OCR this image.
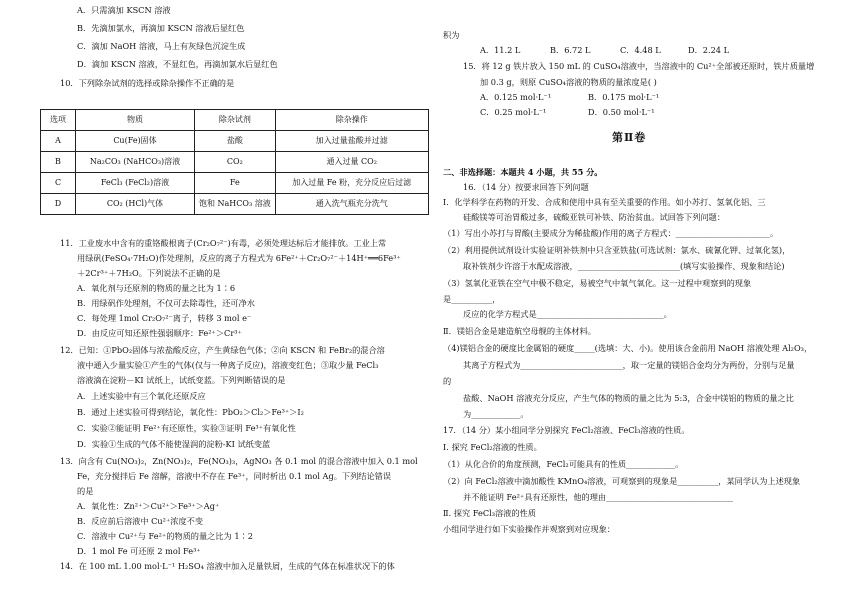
A．只需滴加 KSCN 溶液
B．先滴加氯水，再滴加 KSCN 溶液后显红色
C．滴加 NaOH 溶液，马上有灰绿色沉淀生成
D．滴加 KSCN 溶液，不显红色，再滴加氯水后显红色
10．下列除杂试剂的选择或除杂操作不正确的是
11．工业废水中含有的重铬酸根离子(Cr₂O₇²⁻)有毒，必须处理达标后才能排放。工业上常
用绿矾(FeSO₄·7H₂O)作处理剂，反应的离子方程式为 6Fe²⁺＋Cr₂O₇²⁻＋14H⁺══6Fe³⁺
＋2Cr³⁺＋7H₂O。下列说法不正确的是
A．氧化剂与还原剂的物质的量之比为 1∶6
B．用绿矾作处理剂，不仅可去除毒性，还可净水
C．每处理 1mol Cr₂O₇²⁻离子，转移 3 mol e⁻
D．由反应可知还原性强弱顺序：Fe²⁺＞Cr³⁺
12．已知：①PbO₂固体与浓盐酸反应，产生黄绿色气体；②向 KSCN 和 FeBr₂的混合溶
液中通入少量实验①产生的气体(仅与一种离子反应)，溶液变红色；③取少量 FeCl₃
溶液滴在淀粉－KI 试纸上，试纸变蓝。下列判断错误的是
A．上述实验中有三个氧化还原反应
B．通过上述实验可得到结论，氧化性：PbO₂＞Cl₂＞Fe³⁺＞I₂
C．实验②能证明 Fe²⁺有还原性，实验③证明 Fe³⁺有氧化性
D．实验①生成的气体不能使湿润的淀粉-KI 试纸变蓝
13．向含有 Cu(NO₃)₂，Zn(NO₃)₂，Fe(NO₃)₃，AgNO₃ 各 0.1 mol 的混合溶液中加入 0.1 mol
Fe，充分搅拌后 Fe 溶解，溶液中不存在 Fe³⁺，同时析出 0.1 mol Ag。下列结论错误
的是
A．氧化性：Zn²⁺＞Cu²⁺＞Fe³⁺＞Ag⁺
B．反应前后溶液中 Cu²⁺浓度不变
C．溶液中 Cu²⁺与 Fe²⁺的物质的量之比为 1∶2
D．1 mol Fe 可还原 2 mol Fe³⁺
14．在 100 mL 1.00 mol·L⁻¹ H₂SO₄ 溶液中加入足量铁屑，生成的气体在标准状况下的体
选项	物质	除杂试剂	除杂操作
A	Cu(Fe)固体	盐酸	加入过量盐酸并过滤
B	Na₂CO₃ (NaHCO₃)溶液	CO₂	通入过量 CO₂
C	FeCl₃ (FeCl₂)溶液	Fe	加入过量 Fe 粉，充分反应后过滤
D	CO₂ (HCl)气体	饱和 NaHCO₃ 溶液	通入洗气瓶充分洗气
积为
A．11.2 L	B．6.72 L	C．4.48 L	D．2.24 L
15．将 12 g 铁片放入 150 mL 的 CuSO₄溶液中，当溶液中的 Cu²⁺全部被还原时，铁片质量增
加 0.3 g，则原 CuSO₄溶液的物质的量浓度是( )
A．0.125 mol·L⁻¹	B．0.175 mol·L⁻¹
C．0.25 mol·L⁻¹	D．0.50 mol·L⁻¹
第Ⅱ卷
二、非选择题：本题共 4 小题，共 55 分。
16．（14 分）按要求回答下列问题
Ⅰ．化学科学在药物的开发、合成和使用中具有至关重要的作用。如小苏打、氢氧化铝、三
硅酸镁等可治胃酸过多，硫酸亚铁可补铁、防治贫血。试回答下列问题：
（1）写出小苏打与胃酸(主要成分为稀盐酸)作用的离子方程式：_______________________。
（2）利用提供试剂设计实验证明补铁剂中只含亚铁盐(可选试剂：氯水、硫氰化钾、过氧化氢)，
取补铁剂少许溶于水配成溶液，_________________________(填写实验操作、现象和结论)
（3）氢氧化亚铁在空气中极不稳定，易被空气中氧气氧化。这一过程中观察到的现象
是__________，
反应的化学方程式是_______________________________。
Ⅱ．镁铝合金是建造航空母舰的主体材料。
（4)镁铝合金的硬度比金属铝的硬度_____(选填：大、小)。使用该合金前用 NaOH 溶液处理 Al₂O₃，
其离子方程式为_________________________，取一定量的镁铝合金均分为两份，分别与足量
的
盐酸、NaOH 溶液充分反应，产生气体的物质的量之比为 5:3，合金中镁铝的物质的量之比
为____________。
17．（14 分）某小组同学分别探究 FeCl₂溶液、FeCl₃溶液的性质。
Ⅰ. 探究 FeCl₂溶液的性质。
（1）从化合价的角度预测，FeCl₂可能具有的性质____________。
（2）向 FeCl₂溶液中滴加酸性 KMnO₄溶液，可观察到的现象是__________，某同学认为上述现象
并不能证明 Fe²⁺具有还原性，他的理由_______________________________
Ⅱ. 探究 FeCl₃溶液的性质
小组同学进行如下实验操作并观察到对应现象：
